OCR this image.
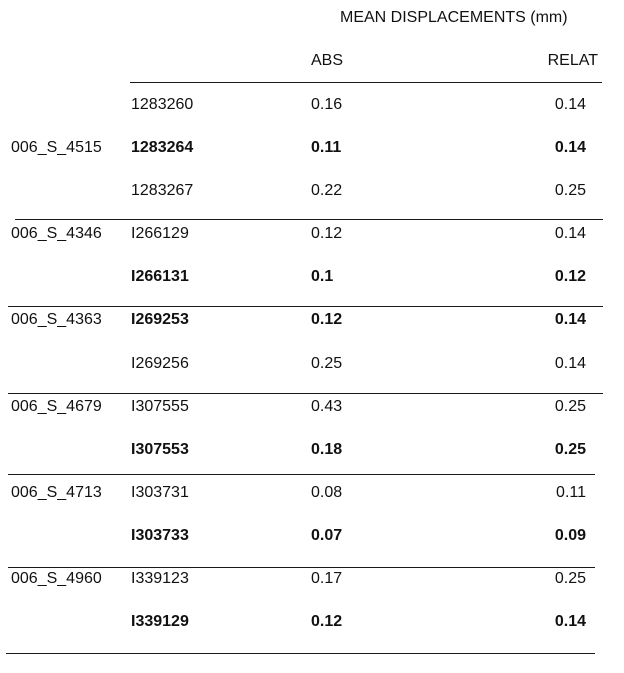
MEAN DISPLACEMENTS (mm)
ABS	RELAT
006_S_4515
1283260	0.16	0.14
1283264	0.11	0.14
1283267	0.22	0.25
006_S_4346 I266129	0.12	0.14
I266131	0.1	0.12
006_S_4363 I269253	0.12	0.14
I269256	0.25	0.14
006_S_4679 I307555	0.43	0.25
I307553	0.18	0.25
006_S_4713 I303731	0.08	0.11
I303733	0.07	0.09
006_S_4960 I339123	0.17	0.25
I339129	0.12	0.14
